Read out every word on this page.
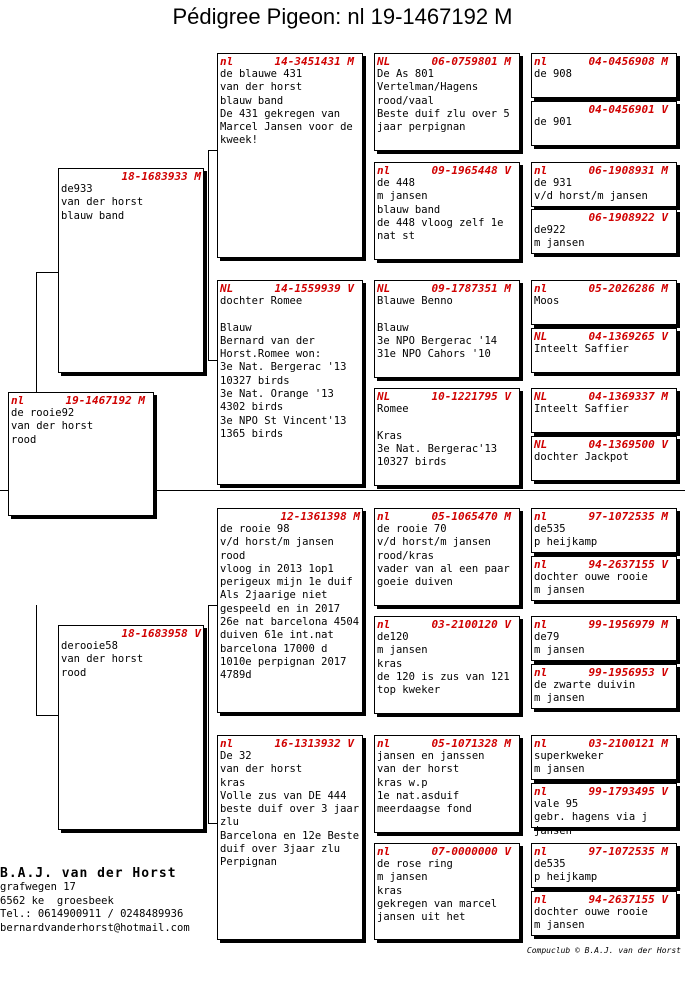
Pédigree Pigeon: nl 19-1467192 M
nl	19-1467192 M
de rooie92
van der horst
rood
18-1683933 M
de933
van der horst
blauw band
18-1683958 V
derooie58
van der horst
rood
nl	14-3451431 M
de blauwe 431
van der horst
blauw band
De 431 gekregen van Marcel Jansen voor de kweek!
NL	14-1559939 V
dochter Romee

Blauw
Bernard van der Horst.Romee won:
3e Nat. Bergerac '13
10327 birds
3e Nat. Orange '13
4302 birds
3e NPO St Vincent'13
1365 birds
12-1361398 M
de rooie 98
v/d horst/m jansen
rood
vloog in 2013 1op1 perigeux mijn 1e duif Als 2jaarige niet gespeeld en in 2017 26e nat barcelona 4504 duiven 61e int.nat barcelona 17000 d 1010e perpignan 2017 4789d
nl	16-1313932 V
De 32
van der horst
kras
Volle zus van DE 444 beste duif over 3 jaar zlu
Barcelona en 12e Beste duif over 3jaar zlu Perpignan
NL	06-0759801 M
De As 801
Vertelman/Hagens
rood/vaal
Beste duif zlu over 5 jaar perpignan
nl	09-1965448 V
de 448
m jansen
blauw band
de 448 vloog zelf 1e nat st
NL	09-1787351 M
Blauwe Benno

Blauw
3e NPO Bergerac '14
31e NPO Cahors '10
NL	10-1221795 V
Romee

Kras
3e Nat. Bergerac'13
10327 birds
nl	05-1065470 M
de rooie 70
v/d horst/m jansen
rood/kras
vader van al een paar goeie duiven
nl	03-2100120 V
de120
m jansen
kras
de 120 is zus van 121 top kweker
nl	05-1071328 M
jansen en janssen
van der horst
kras w.p
1e nat.asduif meerdaagse fond
nl	07-0000000 V
de rose ring
m jansen
kras
gekregen van marcel jansen uit het
nl	04-0456908 M
de 908
04-0456901 V
de 901
nl	06-1908931 M
de 931
v/d horst/m jansen
06-1908922 V
de922
m jansen
nl	05-2026286 M
Moos
NL	04-1369265 V
Inteelt Saffier
NL	04-1369337 M
Inteelt Saffier
NL	04-1369500 V
dochter Jackpot
nl	97-1072535 M
de535
p heijkamp
nl	94-2637155 V
dochter ouwe rooie
m jansen
nl	99-1956979 M
de79
m jansen
nl	99-1956953 V
de zwarte duivin
m jansen
nl	03-2100121 M
superkweker
m jansen
nl	99-1793495 V
vale 95
gebr. hagens via j jansen
nl	97-1072535 M
de535
p heijkamp
nl	94-2637155 V
dochter ouwe rooie
m jansen
B.A.J. van der Horst
grafwegen 17
6562 ke  groesbeek
Tel.: 0614900911 / 0248489936
bernardvanderhorst@hotmail.com
Compuclub © B.A.J. van der Horst
